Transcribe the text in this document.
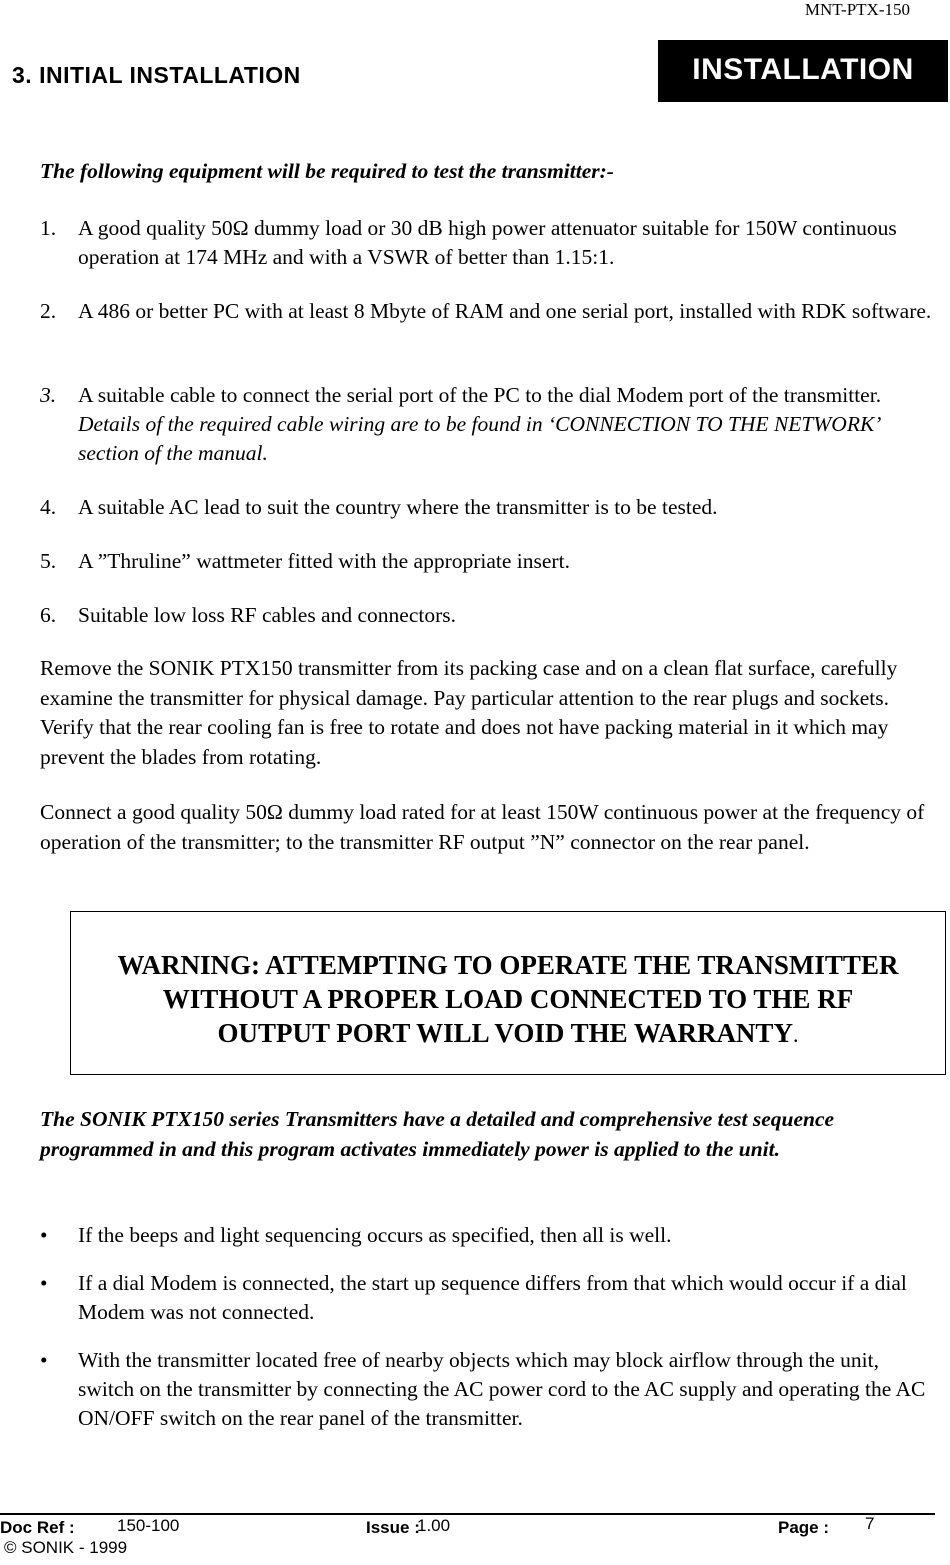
MNT-PTX-150
3. INITIAL INSTALLATION	INSTALLATION
The following equipment will be required to test the transmitter:-
1. A good quality 50Ω dummy load or 30 dB high power attenuator suitable for 150W continuous operation at 174 MHz and with a VSWR of better than 1.15:1.
2. A 486 or better PC with at least 8 Mbyte of RAM and one serial port, installed with RDK software.
3. A suitable cable to connect the serial port of the PC to the dial Modem port of the transmitter. Details of the required cable wiring are to be found in ‘CONNECTION TO THE NETWORK’ section of the manual.
4. A suitable AC lead to suit the country where the transmitter is to be tested.
5. A ”Thruline” wattmeter fitted with the appropriate insert.
6. Suitable low loss RF cables and connectors.
Remove the SONIK PTX150 transmitter from its packing case and on a clean flat surface, carefully examine the transmitter for physical damage. Pay particular attention to the rear plugs and sockets. Verify that the rear cooling fan is free to rotate and does not have packing material in it which may prevent the blades from rotating.
Connect a good quality 50Ω dummy load rated for at least 150W continuous power at the frequency of operation of the transmitter; to the transmitter RF output ”N” connector on the rear panel.
WARNING: ATTEMPTING TO OPERATE THE TRANSMITTER
WITHOUT A PROPER LOAD CONNECTED TO THE RF
OUTPUT PORT WILL VOID THE WARRANTY.
The SONIK PTX150 series Transmitters have a detailed and comprehensive test sequence programmed in and this program activates immediately power is applied to the unit.
• If the beeps and light sequencing occurs as specified, then all is well.
• If a dial Modem is connected, the start up sequence differs from that which would occur if a dial Modem was not connected.
• With the transmitter located free of nearby objects which may block airflow through the unit, switch on the transmitter by connecting the AC power cord to the AC supply and operating the AC ON/OFF switch on the rear panel of the transmitter.
Doc Ref : 150-100	Issue :
1.00	Page : 7
© SONIK - 1999
